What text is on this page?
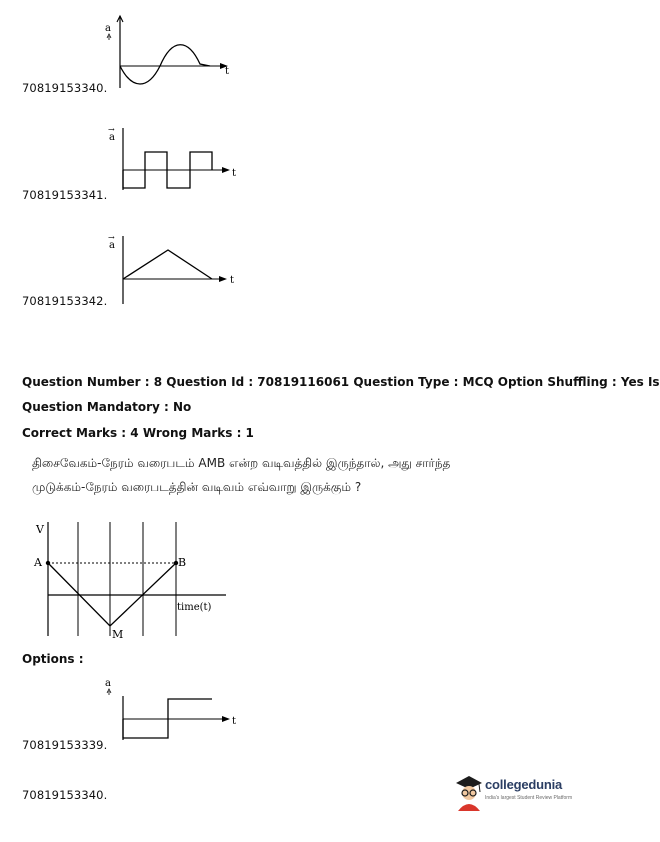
a
t
70819153340.
→
a
t
70819153341.
→
a
t
70819153342.
Question Number : 8 Question Id : 70819116061 Question Type : MCQ Option Shuffling : Yes Is
Question Mandatory : No
Correct Marks : 4 Wrong Marks : 1
திசைவேகம்-நேரம் வரைபடம் AMB என்ற வடிவத்தில் இருந்தால், அது சார்ந்த
முடுக்கம்-நேரம் வரைபடத்தின் வடிவம் எவ்வாறு இருக்கும் ?
V
A	B
M
time(t)
Options :
a
t
70819153339.
70819153340.
collegedunia
India's largest Student Review Platform
